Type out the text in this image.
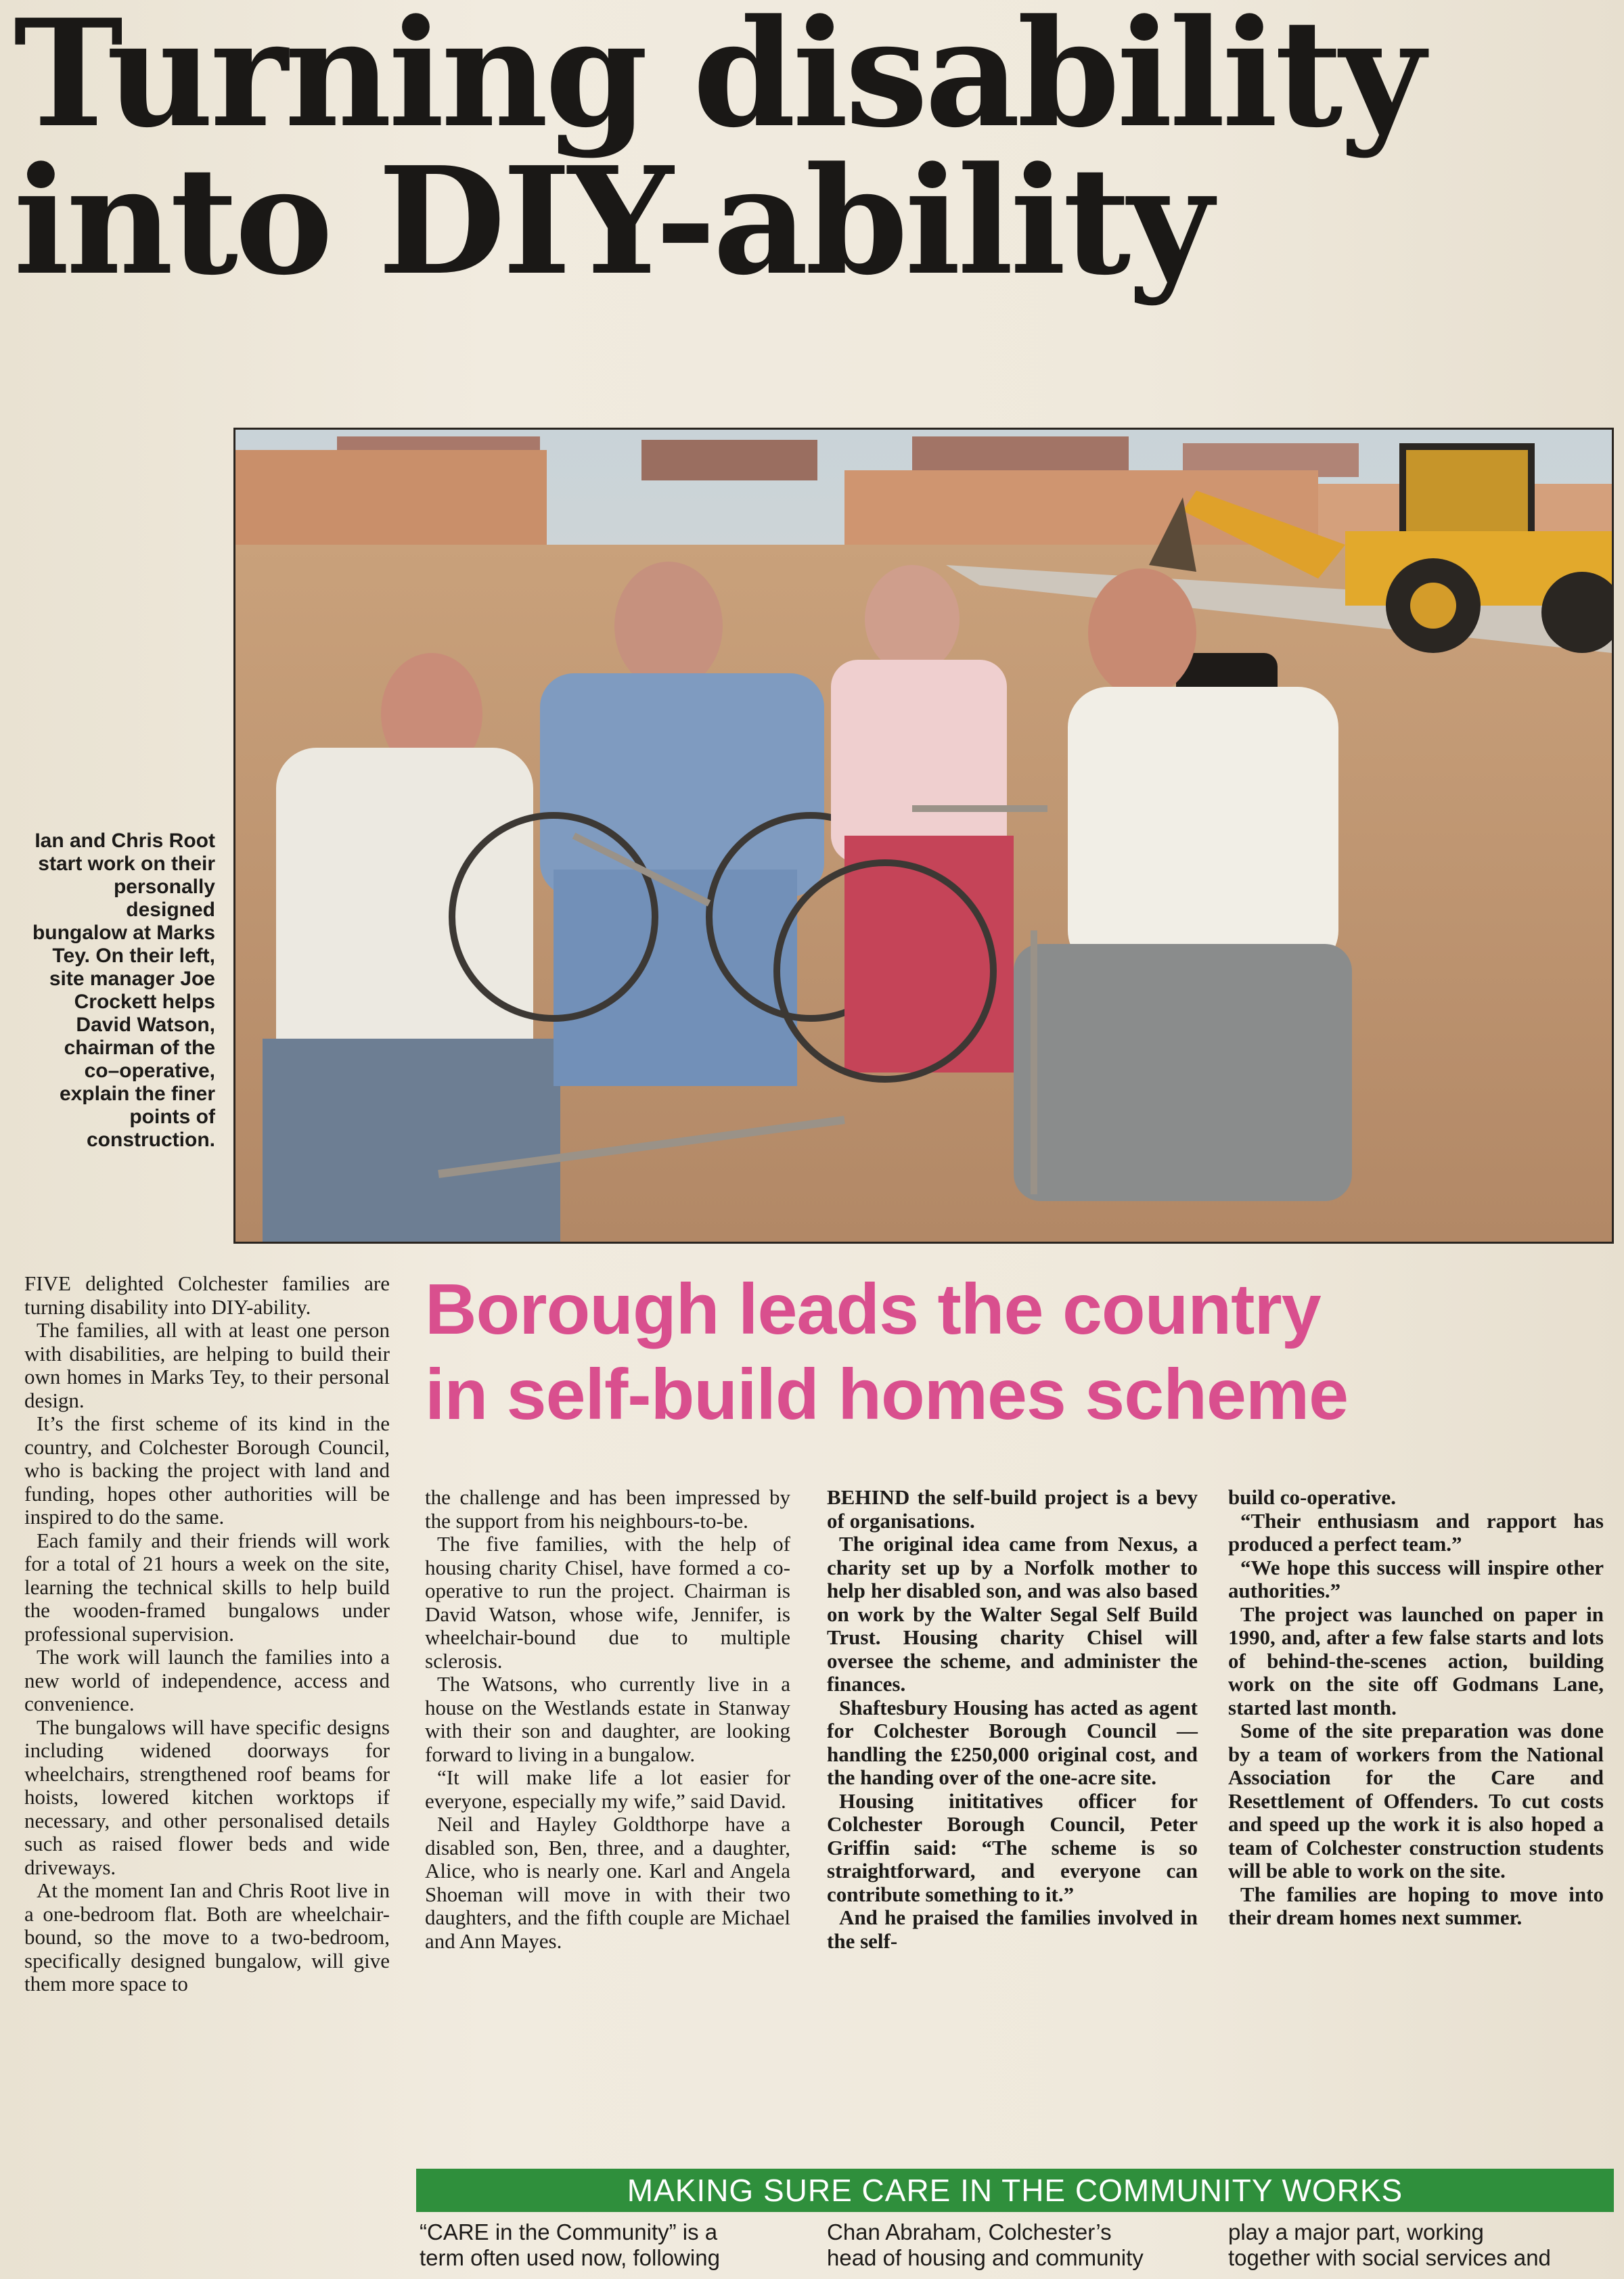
Turning disability
into DIY-ability
Ian and Chris Root start work on their personally designed bungalow at Marks Tey. On their left, site manager Joe Crockett helps David Watson, chairman of the co–operative, explain the finer points of construction.
Borough leads the country
in self-build homes scheme

FIVE delighted Colchester families are turning disability into DIY-ability.

The families, all with at least one person with disabilities, are helping to build their own homes in Marks Tey, to their personal design.

It’s the first scheme of its kind in the country, and Colchester Borough Council, who is backing the project with land and funding, hopes other authorities will be inspired to do the same.

Each family and their friends will work for a total of 21 hours a week on the site, learning the technical skills to help build the wooden-framed bungalows under professional supervision.

The work will launch the families into a new world of independence, access and convenience.

The bungalows will have specific designs including widened doorways for wheelchairs, strengthened roof beams for hoists, lowered kitchen worktops if necessary, and other personalised details such as raised flower beds and wide driveways.

At the moment Ian and Chris Root live in a one-bedroom flat. Both are wheelchair-bound, so the move to a two-bedroom, specifically designed bungalow, will give them more space to

the challenge and has been impressed by the support from his neighbours-to-be.

The five families, with the help of housing charity Chisel, have formed a co-operative to run the project. Chairman is David Watson, whose wife, Jennifer, is wheelchair-bound due to multiple sclerosis.

The Watsons, who currently live in a house on the Westlands estate in Stanway with their son and daughter, are looking forward to living in a bungalow.

“It will make life a lot easier for everyone, especially my wife,” said David.

Neil and Hayley Goldthorpe have a disabled son, Ben, three, and a daughter, Alice, who is nearly one. Karl and Angela Shoeman will move in with their two daughters, and the fifth couple are Michael and Ann Mayes.

BEHIND the self-build project is a bevy of organisations.

The original idea came from Nexus, a charity set up by a Norfolk mother to help her disabled son, and was also based on work by the Walter Segal Self Build Trust. Housing charity Chisel will oversee the scheme, and administer the finances.

Shaftesbury Housing has acted as agent for Colchester Borough Council — handling the £250,000 original cost, and the handing over of the one-acre site.

Housing inititatives officer for Colchester Borough Council, Peter Griffin said: “The scheme is so straightforward, and everyone can contribute something to it.”

And he praised the families involved in the self-

build co-operative.

“Their enthusiasm and rapport has produced a perfect team.”

“We hope this success will inspire other authorities.”

The project was launched on paper in 1990, and, after a few false starts and lots of behind-the-scenes action, building work on the site off Godmans Lane, started last month.

Some of the site preparation was done by a team of workers from the National Association for the Care and Resettlement of Offenders. To cut costs and speed up the work it is also hoped a team of Colchester construction students will be able to work on the site.

The families are hoping to move into their dream homes next summer.

MAKING SURE CARE IN THE COMMUNITY WORKS
“CARE in the Community” is a
term often used now, following
Chan Abraham, Colchester’s
head of housing and community
play a major part, working
together with social services and
